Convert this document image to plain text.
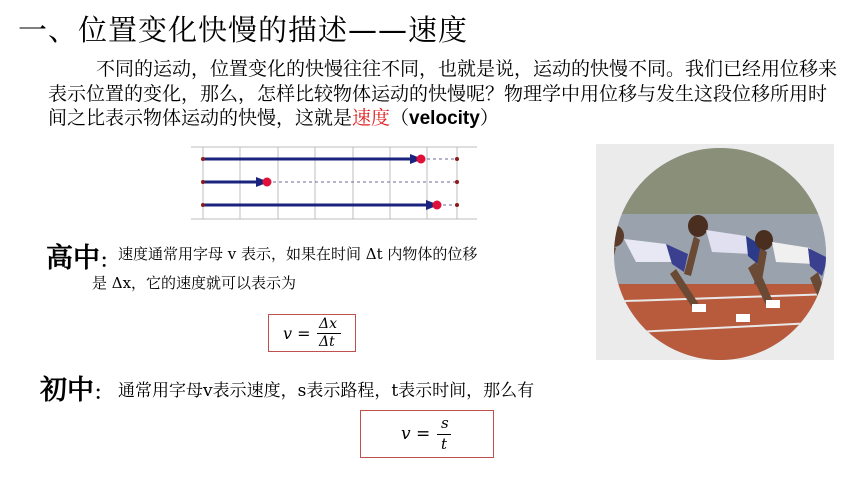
一、位置变化快慢的描述——速度
不同的运动，位置变化的快慢往往不同，也就是说，运动的快慢不同。我们已经用位移来表示位置的变化，那么，怎样比较物体运动的快慢呢？物理学中用位移与发生这段位移所用时间之比表示物体运动的快慢，这就是速度（velocity）
高中： 速度通常用字母 v 表示，如果在时间 Δt 内物体的位移
是 Δx，它的速度就可以表示为
v = Δx
Δt
初中： 通常用字母v表示速度，s表示路程，t表示时间，那么有
v =
s
t
